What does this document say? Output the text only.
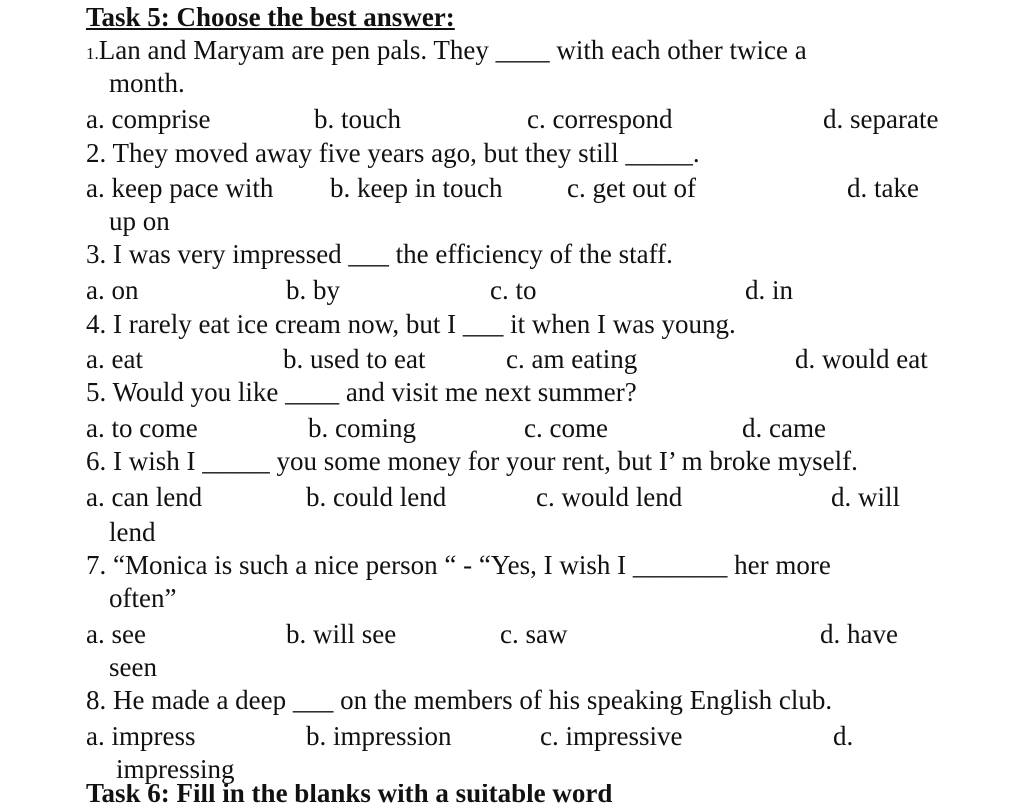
Task 5: Choose the best answer:
1.Lan and Maryam are pen pals. They ____ with each other twice a
month.
a. comprise	b. touch	c. correspond	d. separate
2. They moved away five years ago, but they still _____.
a. keep pace with b. keep in touch c. get out of	d. take
up on
3. I was very impressed ___ the efficiency of the staff.
a. on	b. by	c. to	d. in
4. I rarely eat ice cream now, but I ___ it when I was young.
a. eat	b. used to eat	c. am eating	d. would eat
5. Would you like ____ and visit me next summer?
a. to come	b. coming	c. come	d. came
6. I wish I _____ you some money for your rent, but I’ m broke myself.
a. can lend	b. could lend	c. would lend	d. will
lend
7. “Monica is such a nice person “ - “Yes, I wish I _______ her more
often”
a. see	b. will see	c. saw	d. have
seen
8. He made a deep ___ on the members of his speaking English club.
a. impress	b. impression	c. impressive	d.
impressing
Task 6: Fill in the blanks with a suitable word
